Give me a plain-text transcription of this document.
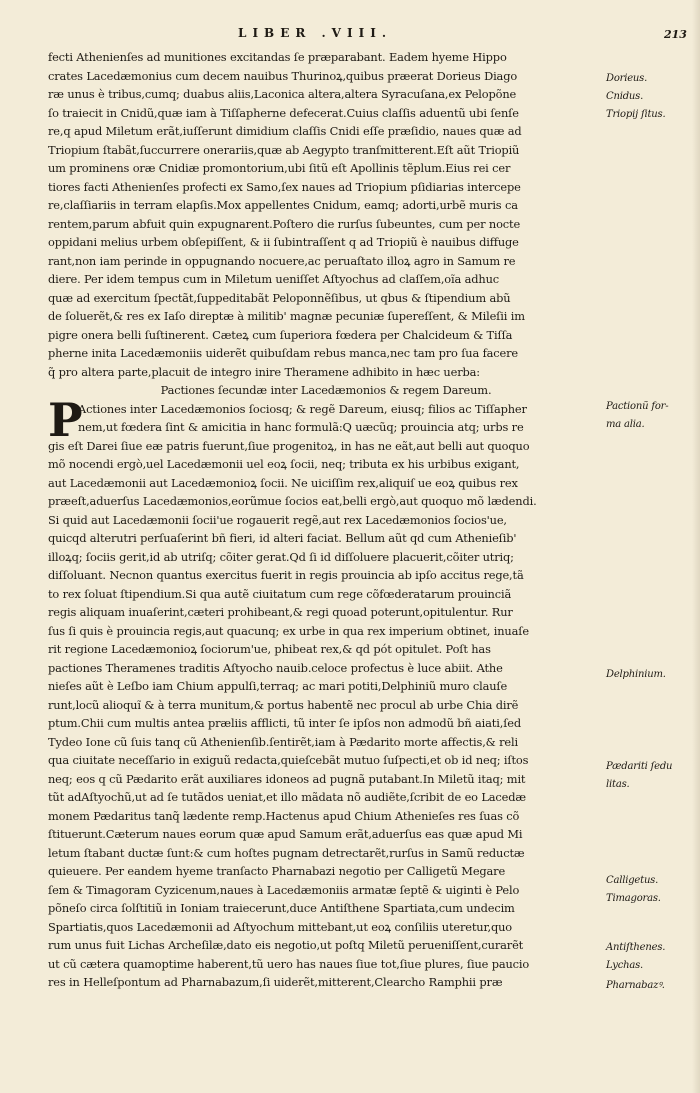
LIBER .VIII.	213
fecti Athenienſes ad munitiones excitandas ſe præparabant. Eadem hyeme Hippo
crates Lacedæmonius cum decem nauibus Thurinoꝝ,quibus præerat Dorieus Diago
ræ unus è tribus,cumq; duabus aliis,Laconica altera,altera Syracuſana,ex Pelopõne
ſo traiecit in Cnidũ,quæ iam à Tiſſapherne defecerat.Cuius claſſis aduentũ ubi ſenſe
re,q apud Miletum erãt,iuſſerunt dimidium claſſis Cnidi eſſe præſidio, naues quæ ad
Triopium ſtabãt,ſuccurrere onerariis,quæ ab Aegypto tranſmitterent.Eſt aũt Triopiũ
um prominens oræ Cnidiæ promontorium,ubi ſitũ eſt Apollinis tẽplum.Eius rei cer
tiores facti Athenienſes profecti ex Samo,ſex naues ad Triopium pſidiarias intercepe
re,claſſiariis in terram elapſis.Mox appellentes Cnidum, eamq; adorti,urbẽ muris ca
rentem,parum abfuit quin expugnarent.Poſtero die rurſus ſubeuntes, cum per nocte
oppidani melius urbem obſepiſſent, & ii ſubintraſſent q ad Triopiũ è nauibus diffuge
rant,non iam perinde in oppugnando nocuere,ac peruaſtato illoꝝ agro in Samum re
diere. Per idem tempus cum in Miletum ueniſſet Aſtyochus ad claſſem,oĩa adhuc
quæ ad exercitum ſpectãt,ſuppeditabãt Peloponnẽſibus, ut qbus & ſtipendium abũ
de ſoluerẽt,& res ex Iaſo direptæ à militib' magnæ pecuniæ ſupereſſent, & Mileſii im
pigre onera belli ſuſtinerent. Cæteꝝ cum ſuperiora fœdera per Chalcideum & Tiſſa
pherne inita Lacedæmoniis uiderẽt quibuſdam rebus manca,nec tam pro ſua facere
q̃ pro altera parte,placuit de integro inire Theramene adhibito in hæc uerba:
Pactiones ſecundæ inter Lacedæmonios & regem Dareum.
P
Actiones inter Lacedæmonios ſociosq; & regẽ Dareum, eiusq; filios ac Tiſſapher
nem,ut fœdera ſint & amicitia in hanc formulã:Q uæcũq; prouincia atq; urbs re
gis eſt Darei ſiue eæ patris fuerunt,ſiue progenitoꝝ, in has ne eãt,aut belli aut quoquo
mõ nocendi ergò,uel Lacedæmonii uel eoꝝ ſocii, neq; tributa ex his urbibus exigant,
aut Lacedæmonii aut Lacedæmonioꝝ ſocii. Ne uiciſſim rex,aliquiſ ue eoꝝ quibus rex
præeſt,aduerſus Lacedæmonios,eorũmue ſocios eat,belli ergò,aut quoquo mõ lædendi.
Si quid aut Lacedæmonii ſocii'ue rogauerit regẽ,aut rex Lacedæmonios ſocios'ue,
quicqd alterutri perſuaſerint bñ fieri, id alteri faciat. Bellum aũt qd cum Athenieſib'
illoꝝq; ſociis gerit,id ab utriſq; cõiter gerat.Qd ſi id diſſoluere placuerit,cõiter utriq;
diſſoluant. Necnon quantus exercitus fuerit in regis prouincia ab ipſo accitus rege,tã
to rex ſoluat ſtipendium.Si qua autẽ ciuitatum cum rege cõfœderatarum prouinciã
regis aliquam inuaſerint,cæteri prohibeant,& regi quoad poterunt,opitulentur. Rur
ſus ſi quis è prouincia regis,aut quacunq; ex urbe in qua rex imperium obtinet, inuaſe
rit regione Lacedæmonioꝝ ſociorum'ue, phibeat rex,& qd pót opitulet. Poſt has
pactiones Theramenes traditis Aſtyocho nauib.celoce profectus è luce abiit. Athe
nieſes aũt è Leſbo iam Chium appulſi,terraq; ac mari potiti,Delphiniũ muro clauſe
runt,locũ alioquĩ & à terra munitum,& portus habentẽ nec procul ab urbe Chia dirẽ
ptum.Chii cum multis antea præliis afflicti, tũ inter ſe ipſos non admodũ bñ aiati,ſed
Tydeo Ione cũ ſuis tanq cũ Athenienſib.ſentirẽt,iam à Pædarito morte affectis,& reli
qua ciuitate neceſſario in exiguũ redacta,quieſcebãt mutuo ſuſpecti,et ob id neq; iſtos
neq; eos q cũ Pædarito erãt auxiliares idoneos ad pugnã putabant.In Miletũ itaq; mit
tũt adAſtyochũ,ut ad ſe tutãdos ueniat,et illo mãdata nõ audiẽte,ſcribit de eo Lacedæ
monem Pædaritus tanq̃ lædente remp.Hactenus apud Chium Athenieſes res ſuas cõ
ſtituerunt.Cæterum naues eorum quæ apud Samum erãt,aduerſus eas quæ apud Mi
letum ſtabant ductæ ſunt:& cum hoſtes pugnam detrectarẽt,rurſus in Samũ reductæ
quieuere. Per eandem hyeme tranſacto Pharnabazi negotio per Calligetũ Megare
ſem & Timagoram Cyzicenum,naues à Lacedæmoniis armatæ ſeptẽ & uiginti è Pelo
põneſo circa ſolſtitiũ in Ioniam traiecerunt,duce Antiſthene Spartiata,cum undecim
Spartiatis,quos Lacedæmonii ad Aſtyochum mittebant,ut eoꝝ conſiliis uteretur,quo
rum unus fuit Lichas Archeſilæ,dato eis negotio,ut poſtq Miletũ perueniſſent,curarẽt
ut cũ cætera quamoptime haberent,tũ uero has naues ſiue tot,ſiue plures, ſiue paucio
res in Helleſpontum ad Pharnabazum,ſi uiderẽt,mitterent,Clearcho Ramphii præ
Dorieus.
Cnidus.
Triopij ſitus.
Pactionũ for-
ma alia.
Delphinium.
Pædariti ſedu
litas.
Calligetus.
Timagoras.
Antiſthenes.
Lychas.
Pharnabazꝰ.
